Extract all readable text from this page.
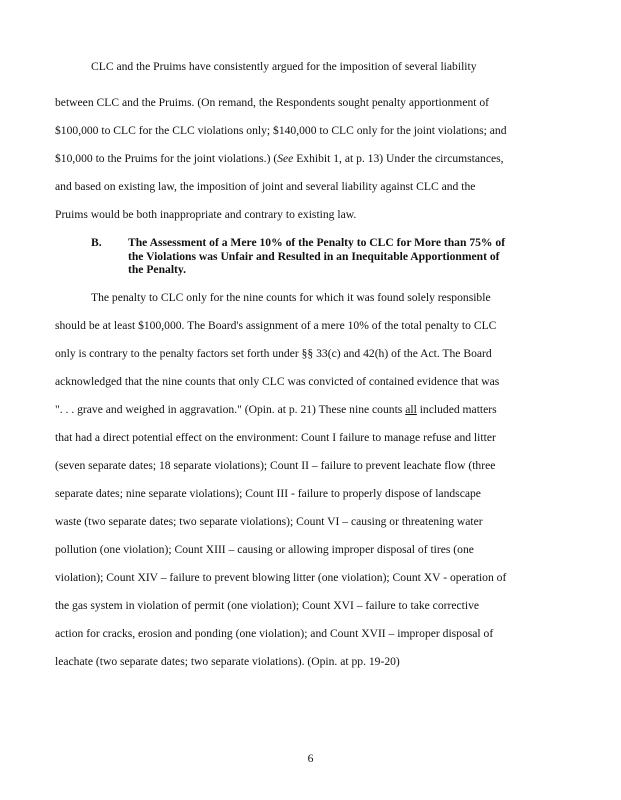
CLC and the Pruims have consistently argued for the imposition of several liability
between CLC and the Pruims. (On remand, the Respondents sought penalty apportionment of
$100,000 to CLC for the CLC violations only; $140,000 to CLC only for the joint violations; and
$10,000 to the Pruims for the joint violations.) (See Exhibit 1, at p. 13) Under the circumstances,
and based on existing law, the imposition of joint and several liability against CLC and the
Pruims would be both inappropriate and contrary to existing law.
B. The Assessment of a Mere 10% of the Penalty to CLC for More than 75% of
the Violations was Unfair and Resulted in an Inequitable Apportionment of
the Penalty.
The penalty to CLC only for the nine counts for which it was found solely responsible
should be at least $100,000. The Board's assignment of a mere 10% of the total penalty to CLC
only is contrary to the penalty factors set forth under §§ 33(c) and 42(h) of the Act. The Board
acknowledged that the nine counts that only CLC was convicted of contained evidence that was
". . . grave and weighed in aggravation." (Opin. at p. 21) These nine counts all included matters
that had a direct potential effect on the environment: Count I failure to manage refuse and litter
(seven separate dates; 18 separate violations); Count II – failure to prevent leachate flow (three
separate dates; nine separate violations); Count III - failure to properly dispose of landscape
waste (two separate dates; two separate violations); Count VI – causing or threatening water
pollution (one violation); Count XIII – causing or allowing improper disposal of tires (one
violation); Count XIV – failure to prevent blowing litter (one violation); Count XV - operation of
the gas system in violation of permit (one violation); Count XVI – failure to take corrective
action for cracks, erosion and ponding (one violation); and Count XVII – improper disposal of
leachate (two separate dates; two separate violations). (Opin. at pp. 19-20)
6
